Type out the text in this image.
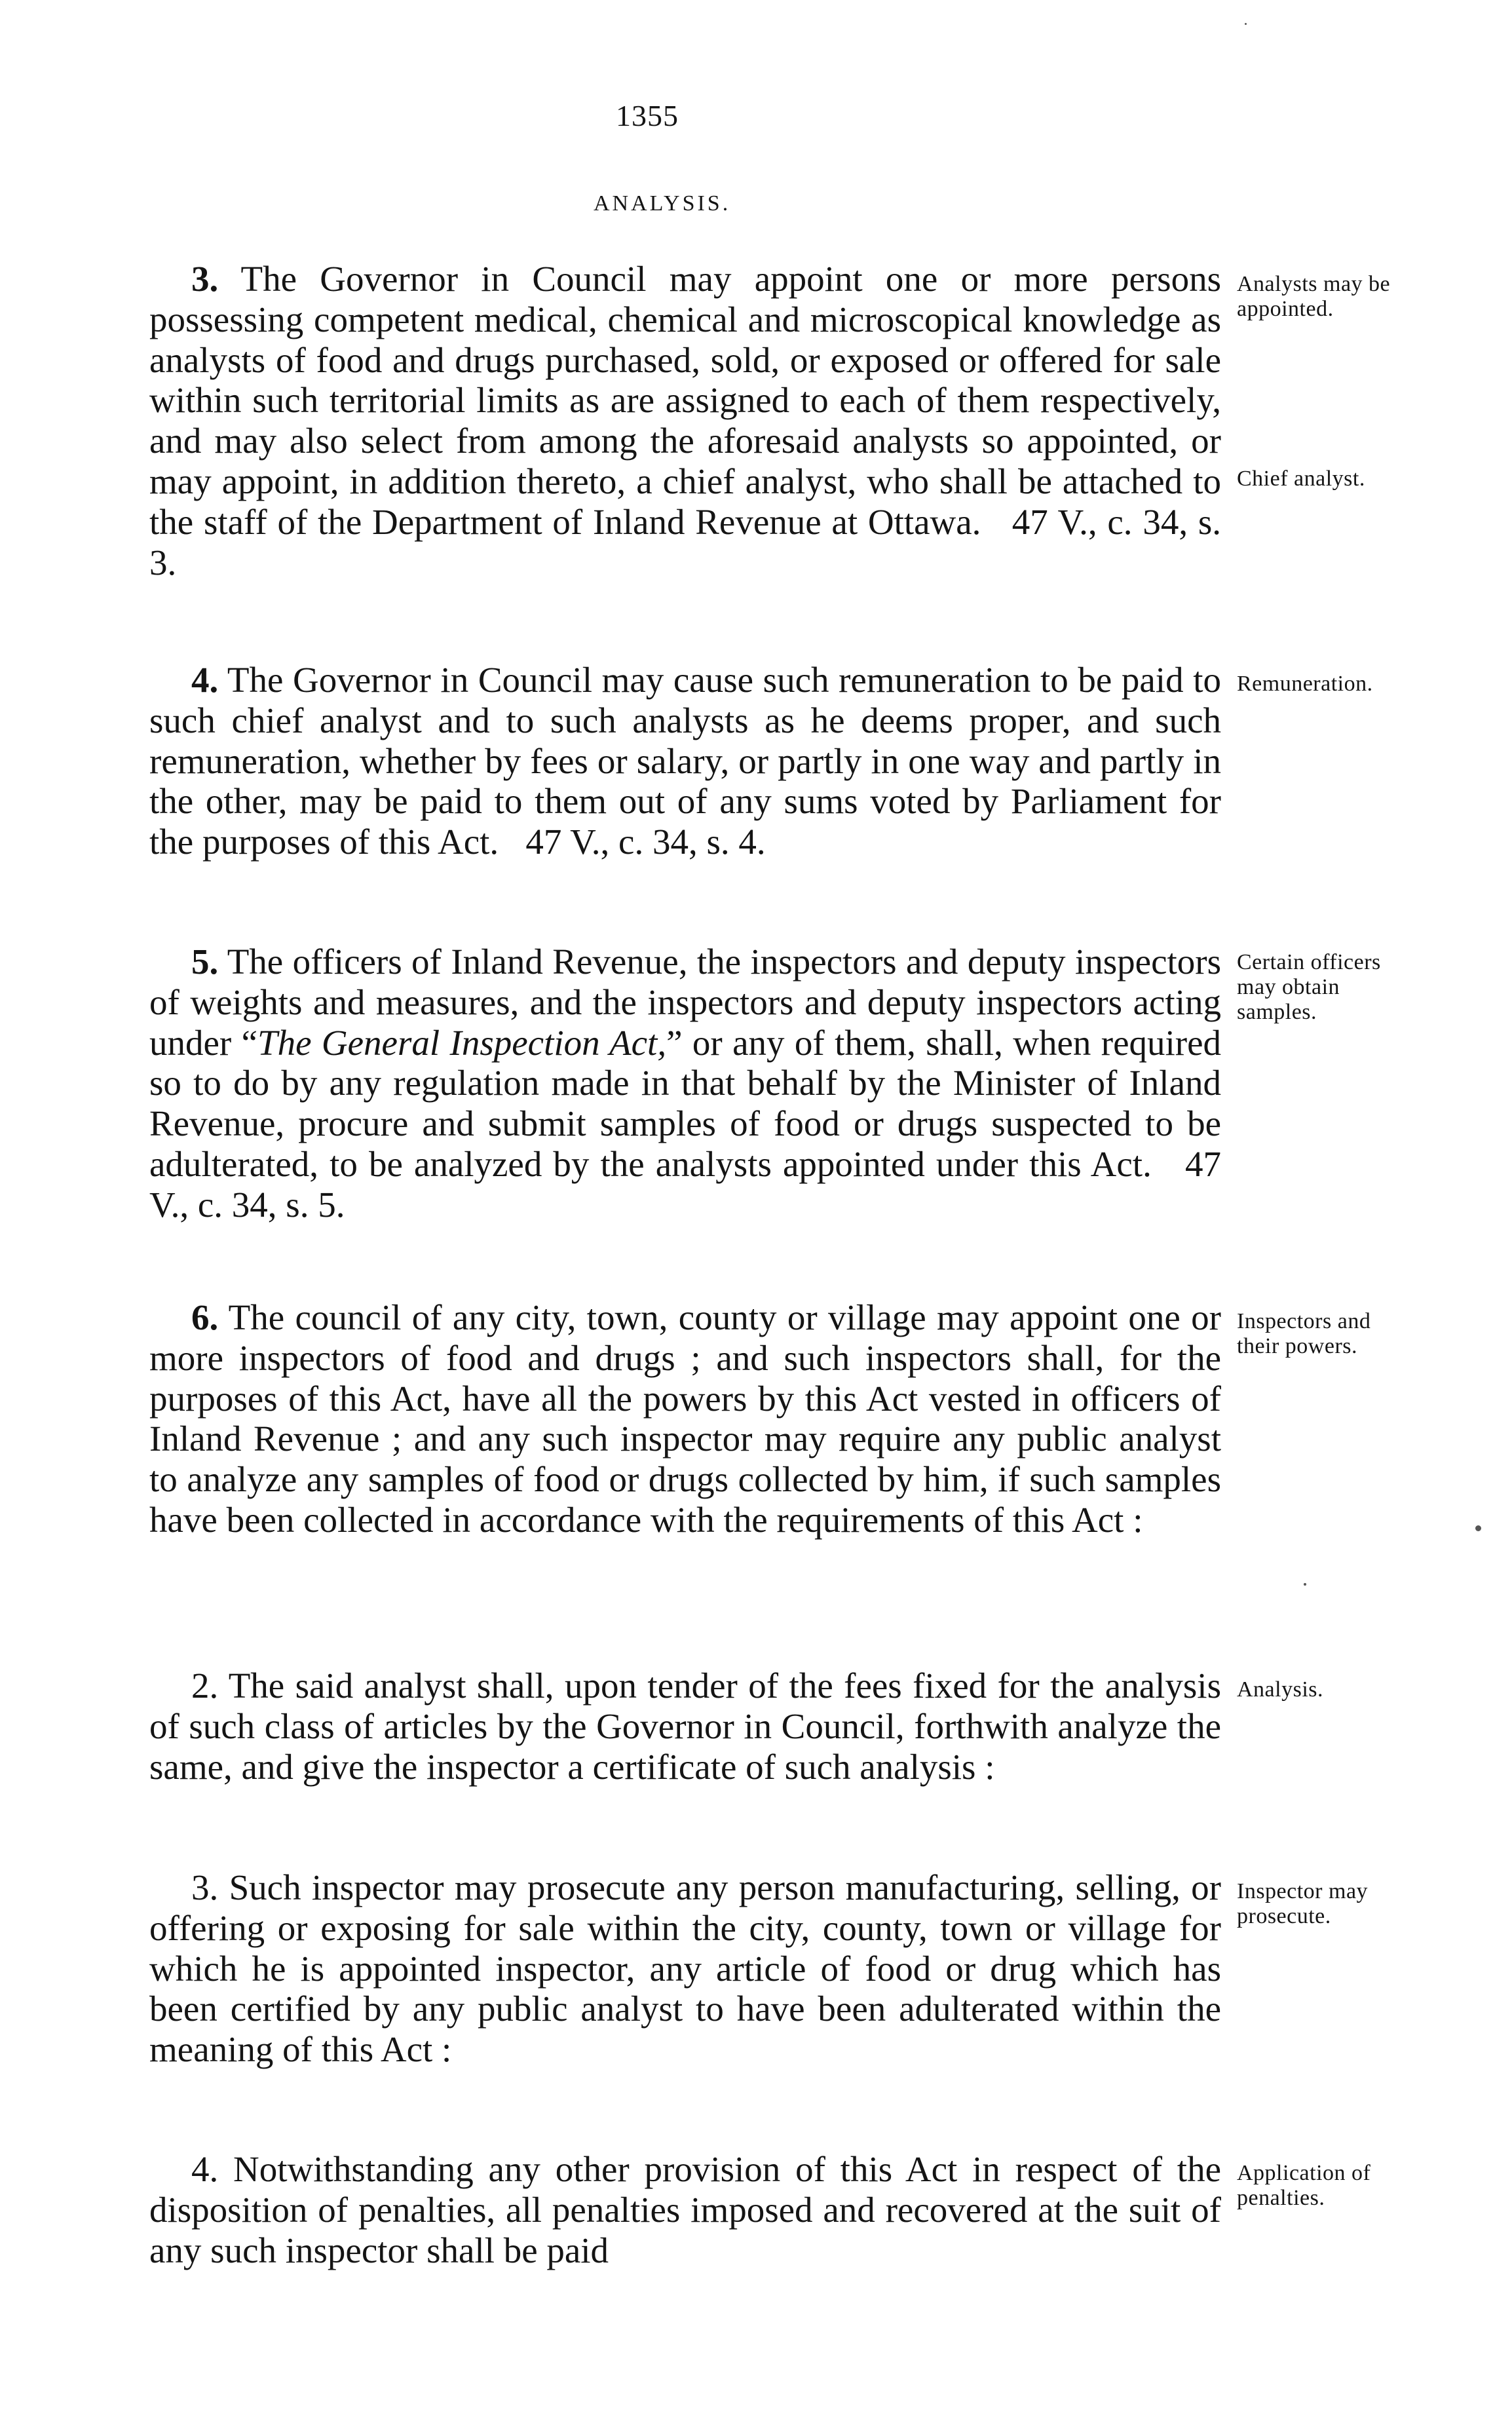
1355
ANALYSIS.
3. The Governor in Council may appoint one or more persons possessing competent medical, chemical and microscopical knowledge as analysts of food and drugs purchased, sold, or exposed or offered for sale within such territorial limits as are assigned to each of them respectively, and may also select from among the aforesaid analysts so appointed, or may appoint, in addition thereto, a chief analyst, who shall be attached to the staff of the Department of Inland Revenue at Ottawa. 47 V., c. 34, s. 3.
Analysts may be appointed.
Chief analyst.
4. The Governor in Council may cause such remuneration to be paid to such chief analyst and to such analysts as he deems proper, and such remuneration, whether by fees or salary, or partly in one way and partly in the other, may be paid to them out of any sums voted by Parliament for the purposes of this Act. 47 V., c. 34, s. 4.
Remuneration.
5. The officers of Inland Revenue, the inspectors and deputy inspectors of weights and measures, and the inspectors and deputy inspectors acting under “The General Inspection Act,” or any of them, shall, when required so to do by any regulation made in that behalf by the Minister of Inland Revenue, procure and submit samples of food or drugs suspected to be adulterated, to be analyzed by the analysts appointed under this Act. 47 V., c. 34, s. 5.
Certain officers may obtain samples.
6. The council of any city, town, county or village may appoint one or more inspectors of food and drugs ; and such inspectors shall, for the purposes of this Act, have all the powers by this Act vested in officers of Inland Revenue ; and any such inspector may require any public analyst to analyze any samples of food or drugs collected by him, if such samples have been collected in accordance with the requirements of this Act :
Inspectors and their powers.
2. The said analyst shall, upon tender of the fees fixed for the analysis of such class of articles by the Governor in Council, forthwith analyze the same, and give the inspector a certificate of such analysis :
Analysis.
3. Such inspector may prosecute any person manufacturing, selling, or offering or exposing for sale within the city, county, town or village for which he is appointed inspector, any article of food or drug which has been certified by any public analyst to have been adulterated within the meaning of this Act :
Inspector may prosecute.
4. Notwithstanding any other provision of this Act in respect of the disposition of penalties, all penalties imposed and recovered at the suit of any such inspector shall be paid
Application of penalties.
